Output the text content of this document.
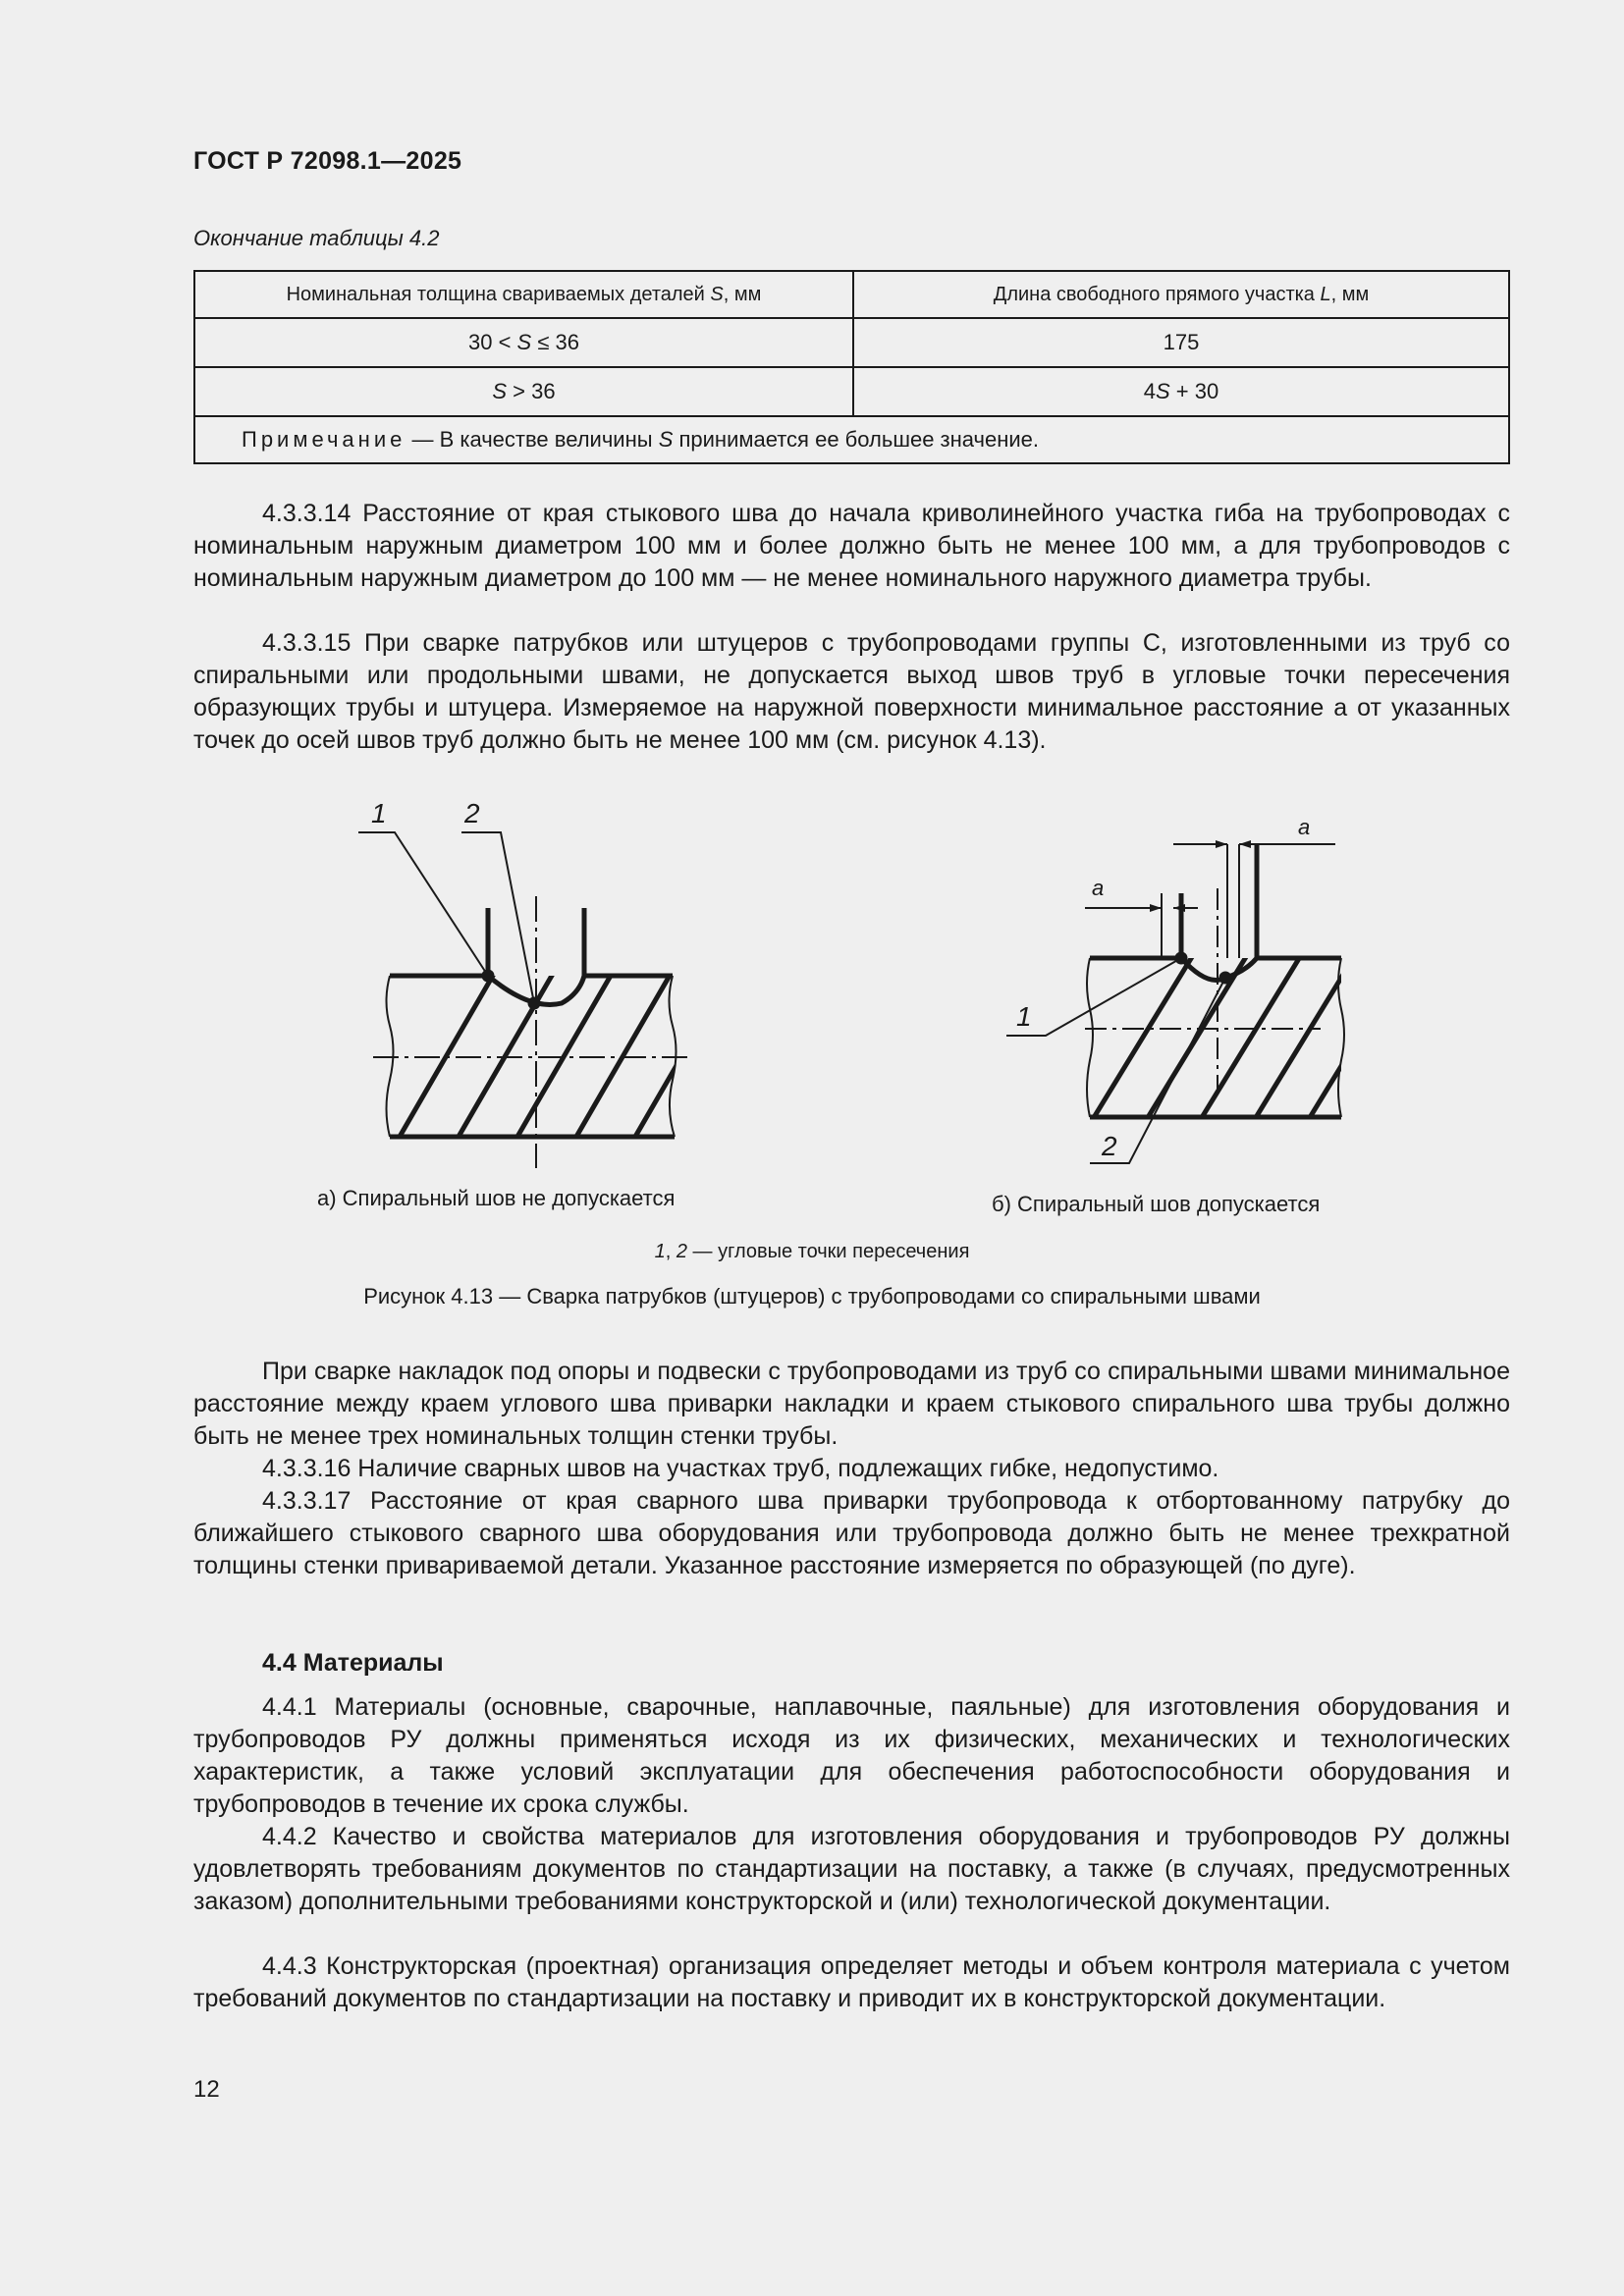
ГОСТ Р 72098.1—2025
Окончание таблицы 4.2
Номинальная толщина свариваемых деталей S, мм	Длина свободного прямого участка L, мм
30 < S ≤ 36	175
S > 36	4S + 30
Примечание — В качестве величины S принимается ее большее значение.	

4.3.3.14 Расстояние от края стыкового шва до начала криволинейного участка гиба на трубопроводах с номинальным наружным диаметром 100 мм и более должно быть не менее 100 мм, а для трубопроводов с номинальным наружным диаметром до 100 мм — не менее номинального наружного диаметра трубы.

4.3.3.15 При сварке патрубков или штуцеров с трубопроводами группы С, изготовленными из труб со спиральными или продольными швами, не допускается выход швов труб в угловые точки пересечения образующих трубы и штуцера. Измеряемое на наружной поверхности минимальное расстояние a от указанных точек до осей швов труб должно быть не менее 100 мм (см. рисунок 4.13).

1	2
1
2
a
a
а) Спиральный шов не допускается	б) Спиральный шов допускается
1, 2 — угловые точки пересечения
Рисунок 4.13 — Сварка патрубков (штуцеров) с трубопроводами со спиральными швами

При сварке накладок под опоры и подвески с трубопроводами из труб со спиральными швами минимальное расстояние между краем углового шва приварки накладки и краем стыкового спирального шва трубы должно быть не менее трех номинальных толщин стенки трубы.

4.3.3.16 Наличие сварных швов на участках труб, подлежащих гибке, недопустимо.

4.3.3.17 Расстояние от края сварного шва приварки трубопровода к отбортованному патрубку до ближайшего стыкового сварного шва оборудования или трубопровода должно быть не менее трехкратной толщины стенки привариваемой детали. Указанное расстояние измеряется по образующей (по дуге).

4.4 Материалы

4.4.1 Материалы (основные, сварочные, наплавочные, паяльные) для изготовления оборудования и трубопроводов РУ должны применяться исходя из их физических, механических и технологических характеристик, а также условий эксплуатации для обеспечения работоспособности оборудования и трубопроводов в течение их срока службы.

4.4.2 Качество и свойства материалов для изготовления оборудования и трубопроводов РУ должны удовлетворять требованиям документов по стандартизации на поставку, а также (в случаях, предусмотренных заказом) дополнительными требованиями конструкторской и (или) технологической документации.

4.4.3 Конструкторская (проектная) организация определяет методы и объем контроля материала с учетом требований документов по стандартизации на поставку и приводит их в конструкторской документации.

12
